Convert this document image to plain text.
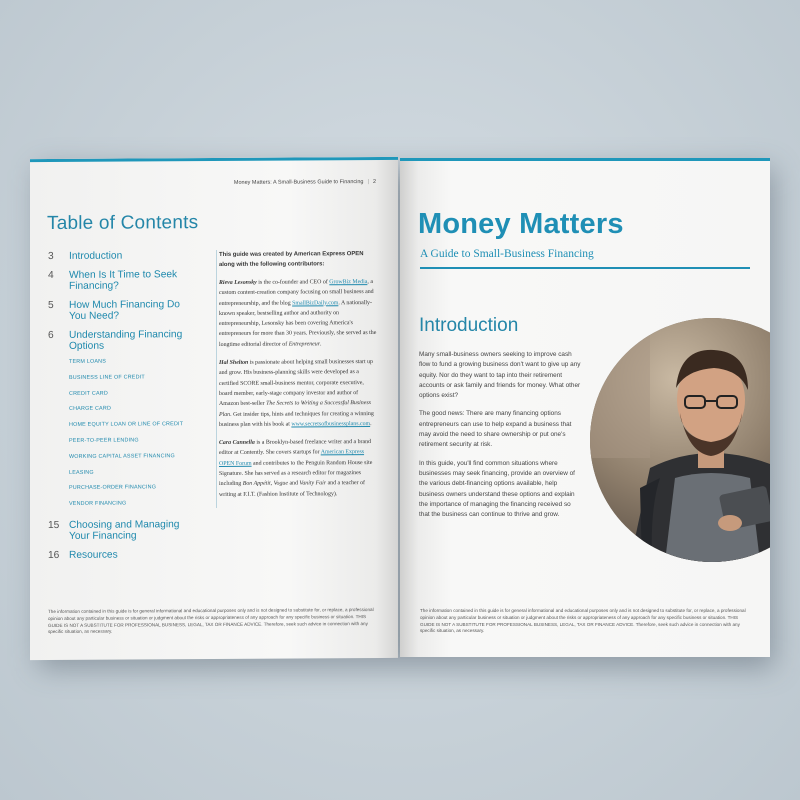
Money Matters: A Small-Business Guide to Financing | 2
Table of Contents
3	Introduction
4	When Is It Time to Seek Financing?
5	How Much Financing Do You Need?
6	Understanding Financing Options
TERM LOANS
BUSINESS LINE OF CREDIT
CREDIT CARD
CHARGE CARD
HOME EQUITY LOAN OR LINE OF CREDIT
PEER-TO-PEER LENDING
WORKING CAPITAL ASSET FINANCING
LEASING
PURCHASE-ORDER FINANCING
VENDOR FINANCING
15 Choosing and Managing Your Financing
16 Resources

This guide was created by American Express OPEN along with the following contributors:

Rieva Lesonsky is the co-founder and CEO of GrowBiz Media, a custom content-creation company focusing on small business and entrepreneurship, and the blog SmallBizDaily.com. A nationally-known speaker, bestselling author and authority on entrepreneurship, Lesonsky has been covering America's entrepreneurs for more than 30 years. Previously, she served as the longtime editorial director of Entrepreneur.

Hal Shelton is passionate about helping small businesses start up and grow. His business-planning skills were developed as a certified SCORE small-business mentor, corporate executive, board member, early-stage company investor and author of Amazon best-seller The Secrets to Writing a Successful Business Plan. Get insider tips, hints and techniques for creating a winning business plan with his book at www.secretsofbusinessplans.com.

Cara Cannella is a Brooklyn-based freelance writer and a brand editor at Contently. She covers startups for American Express OPEN Forum and contributes to the Penguin Random House site Signature. She has served as a research editor for magazines including Bon Appétit, Vogue and Vanity Fair and a teacher of writing at F.I.T. (Fashion Institute of Technology).

The information contained in this guide is for general informational and educational purposes only and is not designed to substitute for, or replace, a professional opinion about any particular business or situation or judgment about the risks or appropriateness of any approach for any specific business or situation. THIS GUIDE IS NOT A SUBSTITUTE FOR PROFESSIONAL BUSINESS, LEGAL, TAX OR FINANCE ADVICE. Therefore, seek such advice in connection with any specific situation, as necessary.
Money Matters
A Guide to Small-Business Financing
Introduction

Many small-business owners seeking to improve cash flow to fund a growing business don't want to give up any equity. Nor do they want to tap into their retirement accounts or ask family and friends for money. What other options exist?

The good news: There are many financing options entrepreneurs can use to help expand a business that may avoid the need to share ownership or put one's retirement security at risk.

In this guide, you'll find common situations where businesses may seek financing, provide an overview of the various debt-financing options available, help business owners understand these options and explain the importance of managing the financing received so that the business can continue to thrive and grow.

The information contained in this guide is for general informational and educational purposes only and is not designed to substitute for, or replace, a professional opinion about any particular business or situation or judgment about the risks or appropriateness of any approach for any specific business or situation. THIS GUIDE IS NOT A SUBSTITUTE FOR PROFESSIONAL BUSINESS, LEGAL, TAX OR FINANCE ADVICE. Therefore, seek such advice in connection with any specific situation, as necessary.
